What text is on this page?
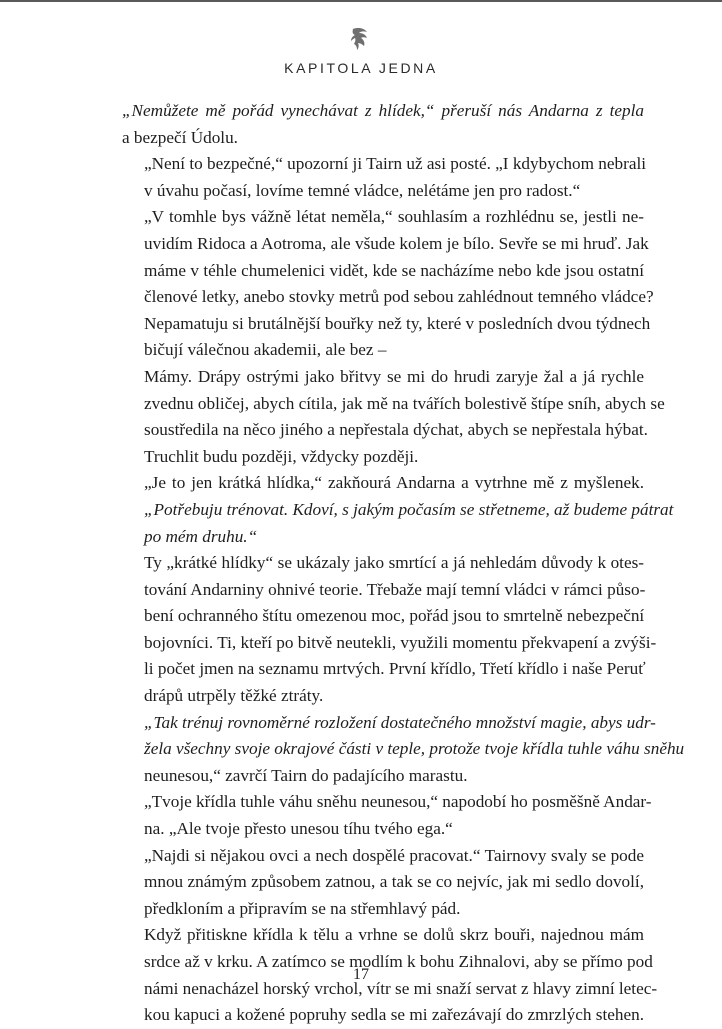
KAPITOLA JEDNA

„Nemůžete mě pořád vynechávat z hlídek,“ přeruší nás Andarna z tepla
a bezpečí Údolu.

„Není to bezpečné,“ upozorní ji Tairn už asi posté. „I kdybychom nebrali
v úvahu počasí, lovíme temné vládce, nelétáme jen pro radost.“

„V tomhle bys vážně létat neměla,“ souhlasím a rozhlédnu se, jestli ne-
uvidím Ridoca a Aotroma, ale všude kolem je bílo. Sevře se mi hruď. Jak
máme v téhle chumelenici vidět, kde se nacházíme nebo kde jsou ostatní
členové letky, anebo stovky metrů pod sebou zahlédnout temného vládce?
Nepamatuju si brutálnější bouřky než ty, které v posledních dvou týdnech
bičují válečnou akademii, ale bez –

Mámy. Drápy ostrými jako břitvy se mi do hrudi zaryje žal a já rychle
zvednu obličej, abych cítila, jak mě na tvářích bolestivě štípe sníh, abych se
soustředila na něco jiného a nepřestala dýchat, abych se nepřestala hýbat.
Truchlit budu později, vždycky později.

„Je to jen krátká hlídka,“ zakňourá Andarna a vytrhne mě z myšlenek.
„Potřebuju trénovat. Kdoví, s jakým počasím se střetneme, až budeme pátrat
po mém druhu.“

Ty „krátké hlídky“ se ukázaly jako smrtící a já nehledám důvody k otes-
tování Andarniny ohnivé teorie. Třebaže mají temní vládci v rámci půso-
bení ochranného štítu omezenou moc, pořád jsou to smrtelně nebezpeční
bojovníci. Ti, kteří po bitvě neutekli, využili momentu překvapení a zvýši-
li počet jmen na seznamu mrtvých. První křídlo, Třetí křídlo i naše Peruť
drápů utrpěly těžké ztráty.

„Tak trénuj rovnoměrné rozložení dostatečného množství magie, abys udr-
žela všechny svoje okrajové části v teple, protože tvoje křídla tuhle váhu sněhu
neunesou,“ zavrčí Tairn do padajícího marastu.

„Tvoje křídla tuhle váhu sněhu neunesou,“ napodobí ho posměšně Andar-
na. „Ale tvoje přesto unesou tíhu tvého ega.“

„Najdi si nějakou ovci a nech dospělé pracovat.“ Tairnovy svaly se pode
mnou známým způsobem zatnou, a tak se co nejvíc, jak mi sedlo dovolí,
předkloním a připravím se na střemhlavý pád.

Když přitiskne křídla k tělu a vrhne se dolů skrz bouři, najednou mám
srdce až v krku. A zatímco se modlím k bohu Zihnalovi, aby se přímo pod
námi nenacházel horský vrchol, vítr se mi snaží servat z hlavy zimní letec-
kou kapuci a kožené popruhy sedla se mi zařezávají do zmrzlých stehen.

17
